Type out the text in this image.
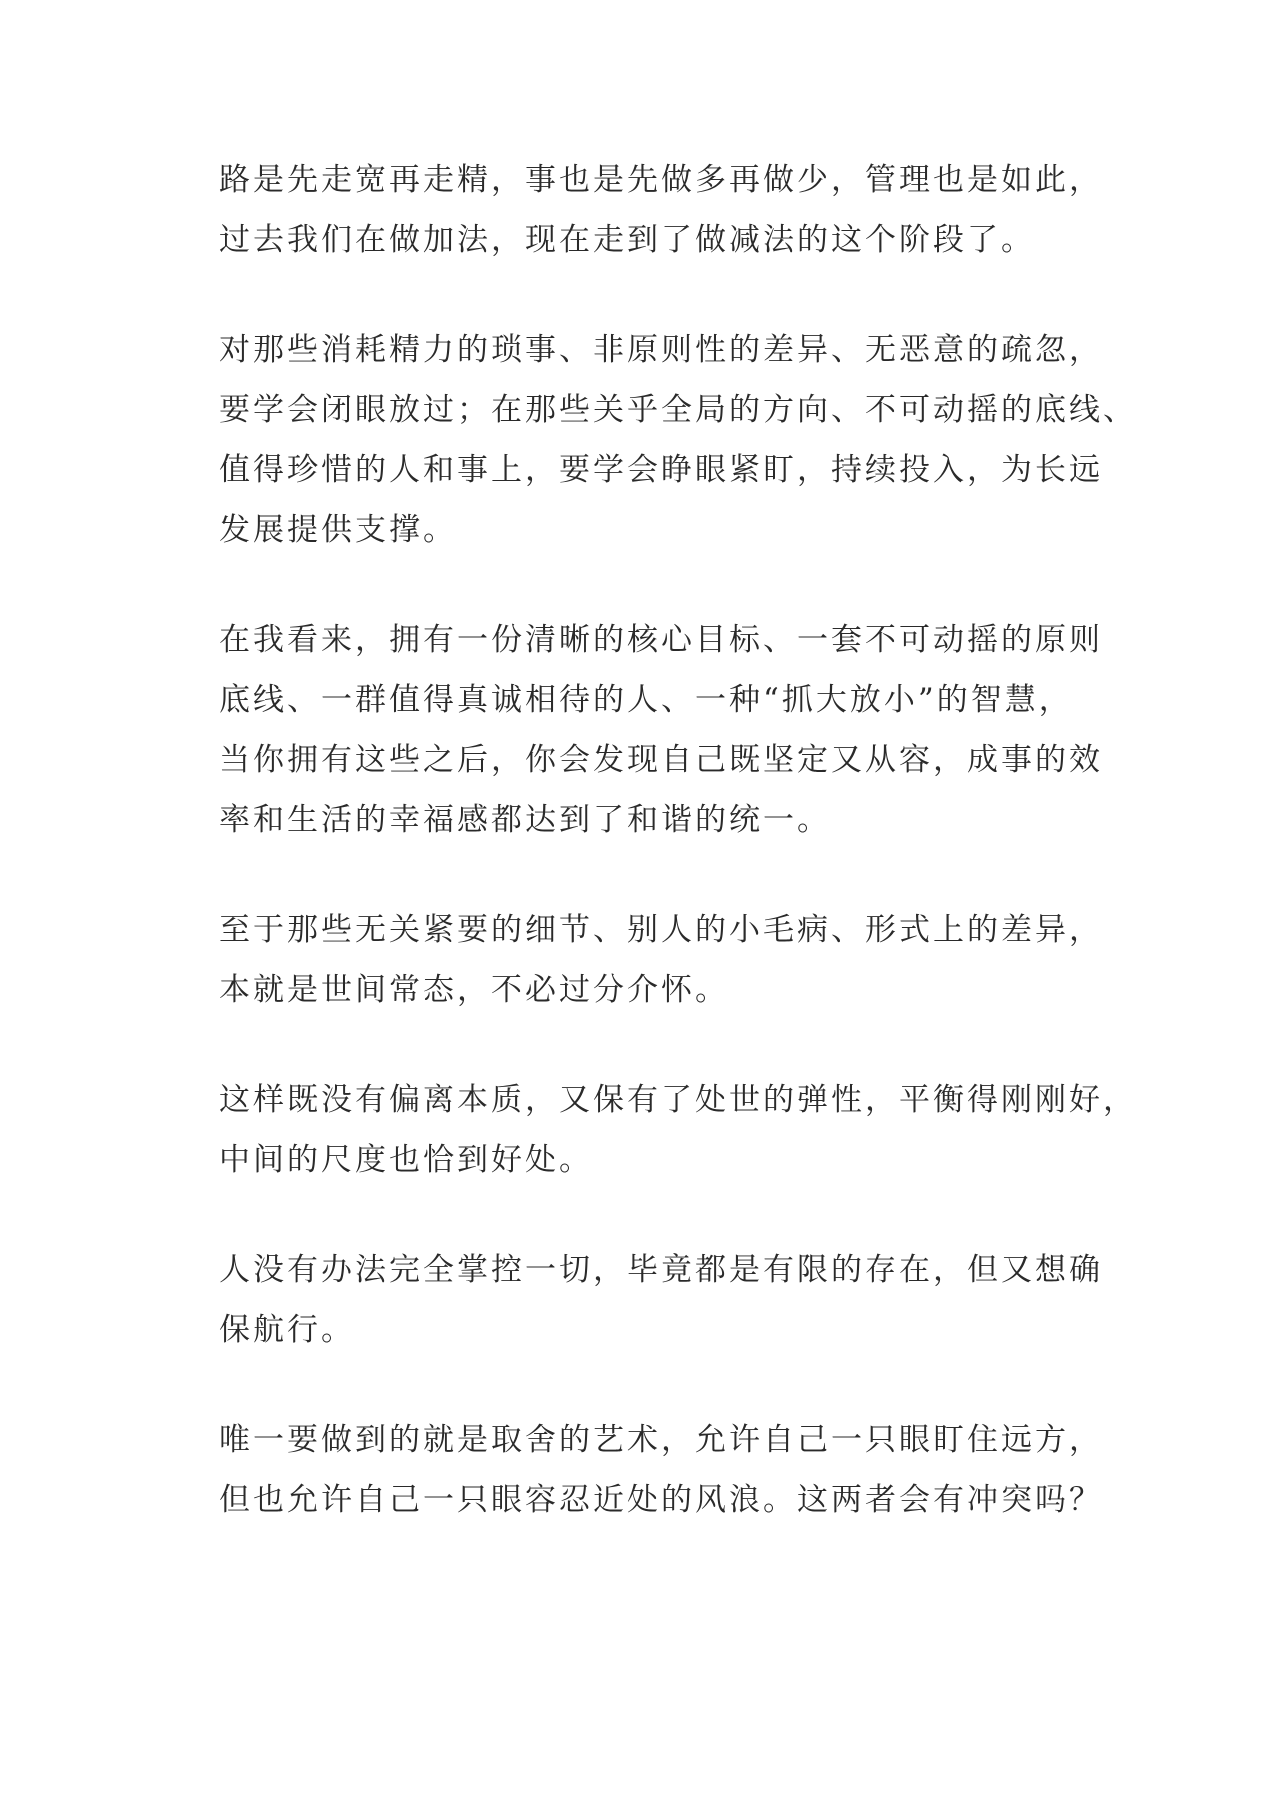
路是先走宽再走精，事也是先做多再做少，管理也是如此，
过去我们在做加法，现在走到了做减法的这个阶段了。

对那些消耗精力的琐事、非原则性的差异、无恶意的疏忽，
要学会闭眼放过；在那些关乎全局的方向、不可动摇的底线、
值得珍惜的人和事上，要学会睁眼紧盯，持续投入，为长远
发展提供支撑。

在我看来，拥有一份清晰的核心目标、一套不可动摇的原则
底线、一群值得真诚相待的人、一种“抓大放小”的智慧，
当你拥有这些之后，你会发现自己既坚定又从容，成事的效
率和生活的幸福感都达到了和谐的统一。

至于那些无关紧要的细节、别人的小毛病、形式上的差异，
本就是世间常态，不必过分介怀。

这样既没有偏离本质，又保有了处世的弹性，平衡得刚刚好，
中间的尺度也恰到好处。

人没有办法完全掌控一切，毕竟都是有限的存在，但又想确
保航行。

唯一要做到的就是取舍的艺术，允许自己一只眼盯住远方，
但也允许自己一只眼容忍近处的风浪。这两者会有冲突吗？
